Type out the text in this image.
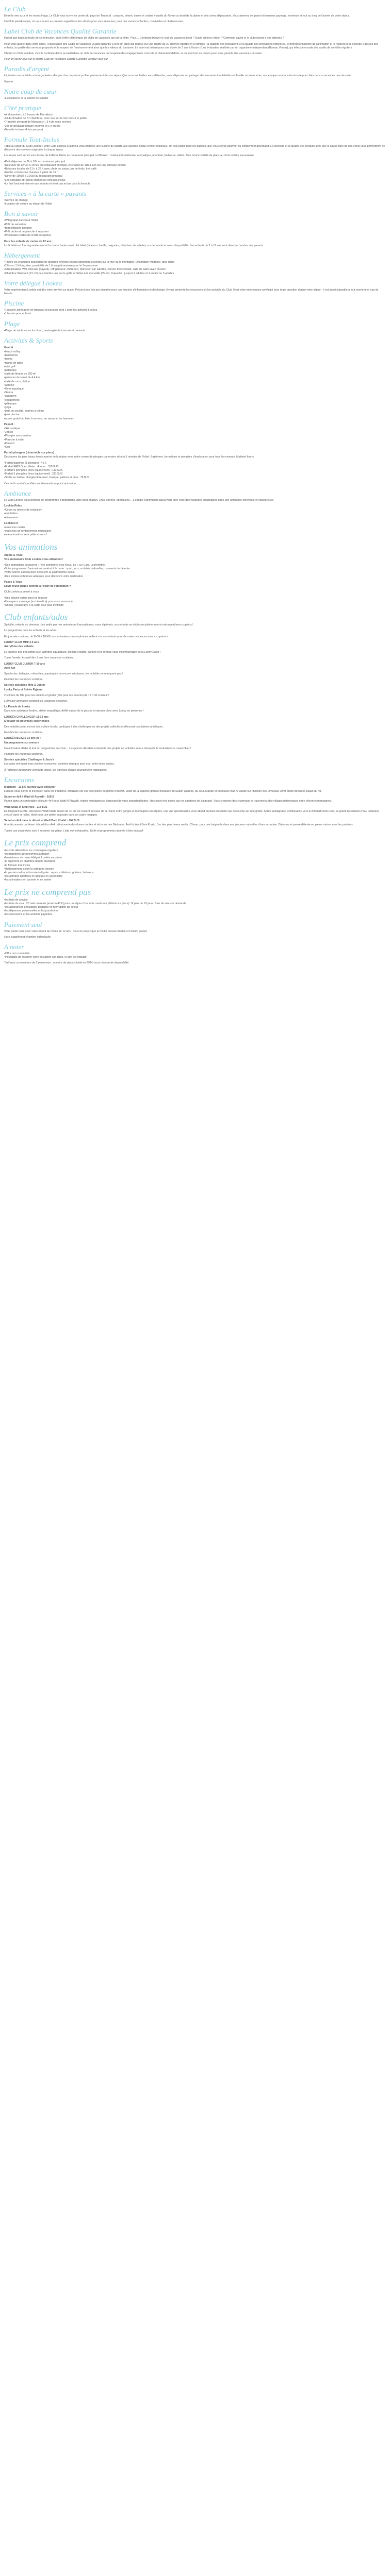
Le Club

Entre le mer azur et les monts Haga, Le Club vous ouvre les portes du pays de Tendoud : canyons, désert, oases et cedars massifs du Riyam au bord de la plaine et des cimes dépassants. Vous aimerez ce grand et lumineux paysage, lumineux et tout au long de l'année de votre séjour.

Un Club paradisiaque, où vous aurez au premier regard tous les attraits pour vous retrouver, pour des vacances faciles, conviviales et chaleureuses.

Label Club de Vacances Qualité Garantie

Il n'est pas toujours facile de s'y retrouver, dans l'offre pléthorique de clubs de vacances qui est la nôtre. Pour… Comment trouver le club de vacances idéal ? Quels critères retenir ? Comment savoir si le club répond à vos attentes ?

Pour vous guider dans votre choix, l'Association des Clubs de vacances Qualité garantie a créé un label qui repose sur une charte de 20 critères répartis en 5 familles : la stabilité des prestations et la qualité des prestations hôtelières, le professionnalisme de l'animation et le respect de la sécurité, l'accueil des enfants, la qualité des services proposés et le respect de l'environnement ainsi que les valeurs du tourisme. Le label est délivré pour une durée de 3 ans à l'issue d'une évaluation réalisée par un organisme indépendant (Bureau Veritas), qui effectue ensuite des audits de contrôle réguliers.

Choisir un Club labellisé, c'est la certitude d'être accueilli dans un club de vacances qui respecte des engagements concrets et clairement définis, et qui met tout en œuvre pour vous garantir des vacances réussies.

Pour en savoir plus sur le charte Club de Vacances Qualité Garantie, rendez-vous sur

Paradis d'argent

Ici, toutes nos activités sont organisées afin que chacun puisse profiter pleinement de son séjour. Que vous souhaitiez vous détendre, vous dépenser ou partager des moments inoubliables en famille ou entre amis, nos équipes sont à votre écoute pour faire de vos vacances une réussite.

Galerie

Notre coup de cœur
• L'excellence et la variété de la table
Côté pratique
• A Mouzerkeh, à 3 heures de Marrakech
• Club climatisé de 77 chambres, avec vue sur la mer ou sur le jardin
• Transfert aéroport de Marrakech : 3 h de route environ
• 2 h de décalage horaire en hiver et 1 h en été
• Navette incluse (4 fois par jour)
Formule Tout-Inclus

Table au cœur du Club Lookéa : votre Club Lookéa Sultanina vous propose une cuisine de qualité aux accents locaux et internationaux. Un vrai plaisir pour les papilles, que vous soyez gourmet ou simplement gourmand. La diversité et la qualité des produits ainsi que le savoir-faire de nos chefs vous permettront de découvrir des saveurs originales à chaque repas.

Les repas sont servis sous forme de buffet à thème au restaurant principal La Mouzer : cuisine internationale, aromatique, orientale, barbecue, italien. Très bonne variété de plats, au choix et très savoureuse.

• Petit-déjeuner de 7h à 10h au restaurant principal
• Déjeuner de 12h30 à 14h30 au restaurant principal, et snacks de 11h à 13h sur une terrasse dédiée
• Boissons locales de 11 h à 23 h avec choix de sodas, jus de fruits, thé, café
• Goûter et boissons chaudes à partir de 16 h
• Dîner de 19h30 à 21h30 au restaurant principal
• Les cocktails et l'alcool importé ne sont pas inclus
• Le fast food est réservé aux enfants et n'est pas inclus dans la formule
Services « à la carte » payants
• Service de change
• Location de voiture au départ de l'hôtel
Bon à savoir
• Wifi gratuit dans tout l'hôtel
• Prêt de serviettes
• Blanchisserie payante
• Prêt de fer et de planche à repasser
• Principales cartes de crédit acceptées

Pour les enfants de moins de 12 ans :

Le lit bébé est fourni gratuitement et la chaise haute aussi ; kit bébé (biberon chauffe, baignoire, réducteur de toilette), sur demande et selon disponibilité. Les enfants de 2 à 11 ans sont dans la chambre des parents.

Hébergement
• Toutes les chambres possèdent de grandes fenêtres et sont largement ouvertes sur la mer ou la montagne. Décoration moderne, tons clairs
• 2 lits ou 1 lit king size, possibilité de 1 lit supplémentaire pour le 3e personne
• Climatisation, Wifi, mini-bar (payant), réfrigérateur, coffre-fort, télévision par satellite, service théière/café, salle de bains avec douche
• Chambre Standard (21 m²) ou chambre vue sur le golfe et l'Atlas à la merveille (35 m²). Capacité : jusqu'à 2 adultes et 1 enfant ou 3 adultes
Votre délégué Lookéa

Votre représentant Lookéa est dès votre arrivée sur place. Présent une fois par semaine pour une réunion d'information et d'échange, il vous présente les excursions et les activités du Club. Il est votre interlocuteur privilégié pour toute question durant votre séjour ; il est aussi joignable à tout moment en cas de besoin.

Piscine
• 1 piscine aménagée de transats et parasols dont 1 pour les activités Lookéa
• 1 bassin pour enfants
Plage
• Plage de sable en accès direct, aménagée de transats et parasols
Activités & Sports

Gratuit :

• beach volley
• badminton
• tennis
• tennis de table
• mini golf
• pétanque
• salle de fitness de 200 m²
• parcours de santé de 4,4 km
• salle de musculation
• aérobic
• Gym aquatique
• Sauna
• aquagym
• équipement
• pétanque
• yoga
• jeux de société, soirées à thème
• jeux piscine
• accès gratuit au bain à remous, au sauna et au hammam

Payant :

• Ski nautique
• Jet ski
• Plongée sous-marine
• Planche à voile
• Kitesurf
• Golf

Parfait plongeur (réservable sur place)

Découvrez les plus beaux fonds marins de la région avec notre centre de plongée partenaire situé à 5 minutes de l'hôtel. Baptêmes, formations et plongées d'exploration pour tous les niveaux. Matériel fourni.

• Forfait baptême (1 plongée) : 45 €
• Forfait PADI Open Water : 4 jours : 319 $US
• Forfait 5 plongées (hors équipement) : 113 $US
• Forfait 5 plongées (hors équipement) : 211 $US
• Sortie en bateau plongée libre avec masque, palmes et tuba : 78 $US

Ces tarifs sont disponibles sur demande au point animation.

Ambiance

Le Club Lookéa vous propose un programme d'animations varié pour chacun. Jeux, soirées, spectacles… L'équipe d'animation saura vous faire vivre des vacances inoubliables dans une ambiance conviviale et chaleureuse.

Lookéa Relax

• Cours ou ateliers de relaxation
• méditation
• étirements…

Lookéa Fit

• exercices cardio
• exercices de renforcement musculaire
• une animatrice sera prête et vous !
Vos animations

Animé & Vivre

Vos animateurs Club Lookéa vous attendent !

• Des animations exclusives : Fête commune chez Nous, Le « Lie Club, Lookyrinthe…
• Votre programme d'animations varié et à la carte : sport, jeux, activités culturelles, moments de détente
• Votre Soirée Lookéa pour découvrir la gastronomie locale
• Des soirées et bonnes adresses pour découvrir votre destination

Passe & Vous

Envie d'une pause détente à l'écart de l'animation ?

Club Lookéa a pensé à vous :

• Une piscine calme pour se reposer
• Un espace massage (au bien-être) pour vous ressourcer
• Un bar (restaurant) à la carte pour plus d'intimité
Club enfants/ados

Spécifié, enfants ou devenus : les petits par nos animateurs francophones, nous diplômés, vos enfants se déplacent pleinement et retrouvent leurs copains !

Le programme pour les enfants et les ados.

En journée continue, de 9h30 à 18h00, nos animateurs francophones veillent sur vos enfants pour de vraies vacances avec « copains ».

LOOKY CLUB MINI 4-6 ans

Au rythme des enfants

La journée des très petits joue, activités aquatiques, ateliers créatifs, danses et le rendez-vous incontournable de la Looky Disco !

Toute l'année. Accueil dès 3 ans hors vacances scolaires.

LOOKY CLUB JUNIOR 7-10 ans

Actif fun

Spectacles, ballages, culturelles, aquatiques ou encore artistiques, les activités ne manquent pas !

Pendant les vacances scolaires.

Soirées spéciales Mini & Junior

Looky Party et Soirée Pyjama

2 soirées de fête pour les enfants et goûter (fête pour les parents) de 19 h 30 à minuit !

L'Ami par animation pendant les vacances scolaires.

La Parade de Looky

Dans une ambiance festive, atelier maquillage, défilé autour de la piscine et dansez plein avec Looky en personne !

LOOKÉA CHALLENGER 11-13 ans

S'éclater de nouvelles expériences

Des activités pour s'ouvrir à la culture locale, participer à des challenges ou des projets collectifs et découvrir ses talents artistiques.

Pendant les vacances scolaires.

LOOKÉA BUZZ'S 14 ans et +

Un programme sur mesure

Un animateur dédié et tout un programme au choix… Les jeunes décident ensemble des projets ou activités autour desquels ils souhaitent se rassembler !

Pendant les vacances scolaires.

Soirées spéciales Challenger & Jeun's

Les ados ont aussi leurs soirées exclusives, animées rien que pour eux, selon leurs envies.

À l'intérieur du nombre d'enfants inclus, les tranches d'âges peuvent être regroupées.

Excursions

Mouzakri - 11 $ 5 journée avec déjeuner

Laissez-vous porter et d'évasion dans les traditions. Mouzakri est une ville pleine de points d'intérêt. Visite de la superbe grande mosquée du Sultan Qaboos, du souk Matrah et du musée Bait Al Zubair sur l'histoire des Omanais. Arrêt photo devant le palais du roi.

Safari en 4x4 à Wadi Al Abyadh - 108 $

Partez dans un confortable véhicule 4x4 pour Wadi Al Abyadh, région montagneuse disposant de vues époustouflantes : des oasis très prisés par les amateurs de baignade. Vous croiserez des chameaux et traverserez des villages pittoresques entre désert et montagnes.

Wadi Shab et Sink Hole - 118 $US

En longeant la côte, découvrez Wadi Shab, ravins de 40 km où coulent en eaux de la rivière entre gorges et montagnes escarpées, une vue spectaculaire vous attend au bout du sentier qui débouche sur une grotte. Après la baignade, continuation vers le Bimmah Sink Hole, un grand lac naturel d'eau turquoise creusé dans la roche, idéal pour une petite baignade dans un cadre magique.

Safari en 4x4 dans le désert et Wadi Bani Khalid - 164 $US

À la découverte du désert à bord d'un 4x4 : découverte des dunes dorées et de la vie des Bédouins. Arrêt à Wadi Bani Khalid, l'un des plus beaux wadis d'Oman, pour une baignade dans ses piscines naturelles d'eau turquoise. Déjeuner et pause détente en pleine nature sous les palmiers.

Toutes ces excursions sont à réserver sur place. Liste non exhaustive. Tarifs et programmes donnés à titre indicatif.

Le prix comprend
• les vols aller/retour sur compagnie régulière
• les transferts aéroport/hôtel/aéroport
• l'assistance de notre délégué Lookéa sur place
• le logement en chambre double standard
• la formule tout inclus
• l'hébergement selon la catégorie choisie
• la pension selon la formule indiquée : repas, collations, goûters, boissons
• les activités sportives et ludiques en accès libre
• les animations en journée et en soirée
Le prix ne comprend pas
• les frais de service
• les frais de visa : 20 rials omanais (environ 40 €) pour un séjour d'un mois maximum (délivré sur place). Si plus de 10 jours, frais de visa sur demande
• les assurances annulation, bagages et interruption de séjour
• les dépenses personnelles et les pourboires
• les excursions et les activités payantes
Paiement seul

Vous partez seul avec votre enfant de moins de 12 ans : nous ne payez que la moitié au taux double et l'enfant gratuit.

Hors supplément chambre individuelle.

A noter
• Offre non cumulable
• Possibilité de réserver votre excursion sur place, le tarif est indicatif

Tarif pour un minimum de 2 personnes ; nombre de places limité en 2014, sous réserve de disponibilité.
